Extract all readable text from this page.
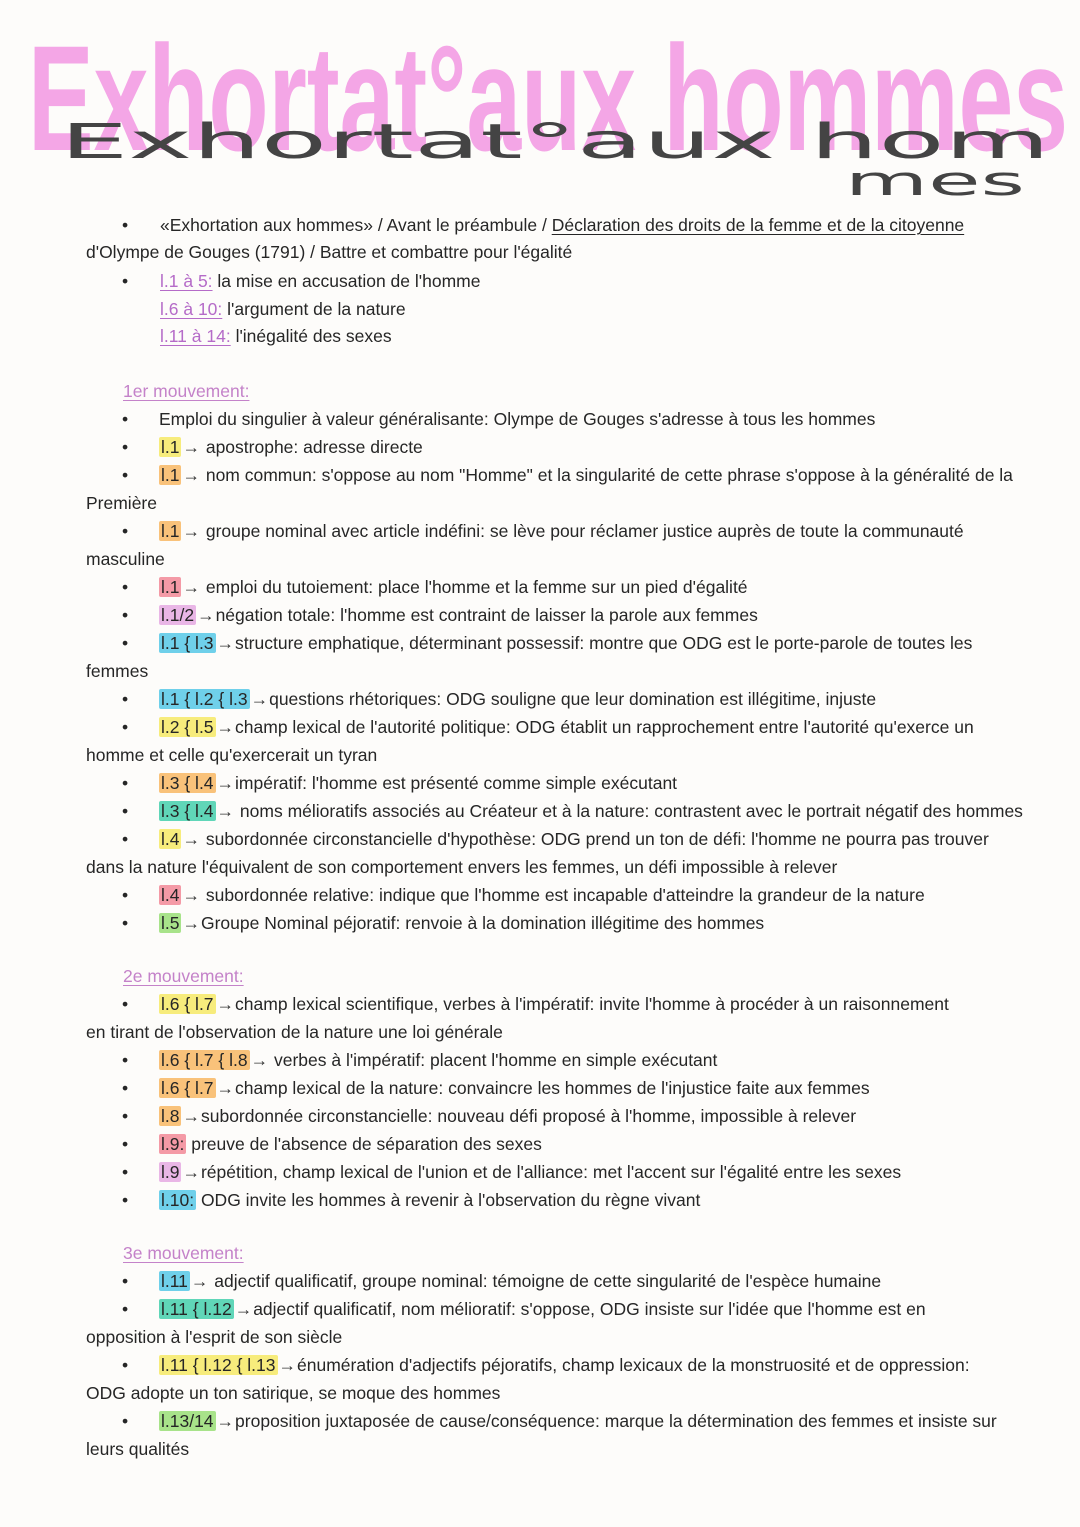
Exhortat°aux hommes
Exhortat°aux hom
mes
• «Exhortation aux hommes» / Avant le préambule / Déclaration des droits de la femme et de la citoyenne
d'Olympe de Gouges (1791) / Battre et combattre pour l'égalité
• l.1 à 5: la mise en accusation de l'homme
l.6 à 10: l'argument de la nature
l.11 à 14: l'inégalité des sexes
1er mouvement:
• Emploi du singulier à valeur généralisante: Olympe de Gouges s'adresse à tous les hommes
• l.1 → apostrophe: adresse directe
• l.1 → nom commun: s'oppose au nom "Homme" et la singularité de cette phrase s'oppose à la généralité de la
Première
• l.1 → groupe nominal avec article indéfini: se lève pour réclamer justice auprès de toute la communauté
masculine
• l.1 → emploi du tutoiement: place l'homme et la femme sur un pied d'égalité
• l.1/2 →négation totale: l'homme est contraint de laisser la parole aux femmes
• l.1 { l.3 →structure emphatique, déterminant possessif: montre que ODG est le porte-parole de toutes les
femmes
• l.1 { l.2 { l.3 →questions rhétoriques: ODG souligne que leur domination est illégitime, injuste
• l.2 { l.5 →champ lexical de l'autorité politique: ODG établit un rapprochement entre l'autorité qu'exerce un
homme et celle qu'exercerait un tyran
• l.3 { l.4 →impératif: l'homme est présenté comme simple exécutant
• l.3 { l.4 → noms mélioratifs associés au Créateur et à la nature: contrastent avec le portrait négatif des hommes
• l.4 → subordonnée circonstancielle d'hypothèse: ODG prend un ton de défi: l'homme ne pourra pas trouver
dans la nature l'équivalent de son comportement envers les femmes, un défi impossible à relever
• l.4 → subordonnée relative: indique que l'homme est incapable d'atteindre la grandeur de la nature
• l.5 →Groupe Nominal péjoratif: renvoie à la domination illégitime des hommes
2e mouvement:
• l.6 { l.7 →champ lexical scientifique, verbes à l'impératif: invite l'homme à procéder à un raisonnement
en tirant de l'observation de la nature une loi générale
• l.6 { l.7 { l.8 → verbes à l'impératif: placent l'homme en simple exécutant
• l.6 { l.7 →champ lexical de la nature: convaincre les hommes de l'injustice faite aux femmes
• l.8 →subordonnée circonstancielle: nouveau défi proposé à l'homme, impossible à relever
• l.9: preuve de l'absence de séparation des sexes
• l.9 →répétition, champ lexical de l'union et de l'alliance: met l'accent sur l'égalité entre les sexes
• l.10: ODG invite les hommes à revenir à l'observation du règne vivant
3e mouvement:
• l.11 → adjectif qualificatif, groupe nominal: témoigne de cette singularité de l'espèce humaine
• l.11 { l.12 →adjectif qualificatif, nom mélioratif: s'oppose, ODG insiste sur l'idée que l'homme est en
opposition à l'esprit de son siècle
• l.11 { l.12 { l.13 →énumération d'adjectifs péjoratifs, champ lexicaux de la monstruosité et de oppression:
ODG adopte un ton satirique, se moque des hommes
• l.13/14 →proposition juxtaposée de cause/conséquence: marque la détermination des femmes et insiste sur
leurs qualités
